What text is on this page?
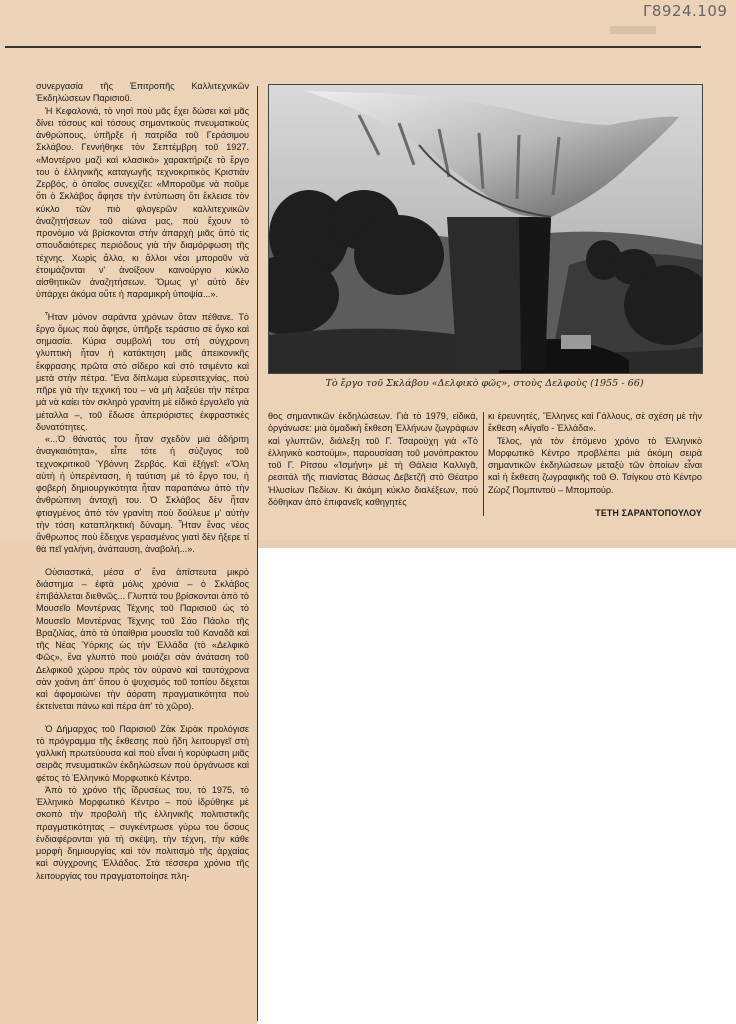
Γ8924.109

συνεργασία τῆς Ἐπιτροπῆς Καλλιτεχνικῶν Ἐκδηλώσεων Παρισιοῦ.

Ἡ Κεφαλονιά, τὸ νησὶ ποὺ μᾶς ἔχει δώσει καὶ μᾶς δίνει τόσους καὶ τόσους σημαντικοὺς πνευματικοὺς ἀνθρώπους, ὑπῆρξε ἡ πατρίδα τοῦ Γεράσιμου Σκλάβου. Γεννήθηκε τὸν Σεπτέμβρη τοῦ 1927. «Μοντέρνο μαζὶ καὶ κλασικό» χαρακτήριζε τὸ ἔργο του ὁ ἑλληνικῆς καταγωγῆς τεχνοκριτικὸς Κριστιὰν Ζερβός, ὁ ὁποῖος συνεχίζει: «Μποροῦμε νὰ ποῦμε ὅτι ὁ Σκλάβος ἄφησε τὴν ἐντύπωση ὅτι ἔκλεισε τὸν κύκλο τῶν πιὸ φλογερῶν καλλιτεχνικῶν ἀναζητήσεων τοῦ αἰώνα μας, ποὺ ἔχουν τὸ προνόμιο νὰ βρίσκονται στὴν ἀπαρχὴ μιᾶς ἀπὸ τὶς σπουδαιότερες περιόδους γιὰ τὴν διαμόρφωση τῆς τέχνης. Χωρὶς ἄλλο, κι ἄλλοι νέοι μποροῦν νὰ ἑτοιμάζονται ν' ἀνοίξουν καινούργιο κύκλο αἰσθητικῶν ἀναζητήσεων. Ὅμως γι' αὐτὸ δὲν ὑπάρχει ἀκόμα οὔτε ἡ παραμικρὴ ὑποψία...».

Ἦταν μόνον σαράντα χρόνων ὅταν πέθανε. Τὸ ἔργο ὅμως ποὺ ἄφησε, ὑπῆρξε τεράστιο σὲ ὄγκο καὶ σημασία. Κύρια συμβολή του στὴ σύγχρονη γλυπτικὴ ἦταν ἡ κατάκτηση μιᾶς ἀπεικονικῆς ἔκφρασης πρῶτα στὸ σίδερο καὶ στὸ τσιμέντο καὶ μετὰ στὴν πέτρα. Ἕνα δίπλωμα εὑρεσιτεχνίας, ποὺ πῆρε γιὰ τὴν τεχνική του – νὰ μὴ λαξεύει τὴν πέτρα μὰ νὰ καίει τὸν σκληρὸ γρανίτη μὲ εἰδικὸ ἐργαλεῖο γιὰ μέταλλα –, τοῦ ἔδωσε ἀπεριόριστες ἐκφραστικὲς δυνατότητες.

«...Ὁ θάνατός του ἦταν σχεδὸν μιὰ ἀδήριτη ἀναγκαιότητα», εἶπε τότε ἡ σύζυγος τοῦ τεχνοκριτικοῦ Ὑβόννη Ζερβός. Καὶ ἐξήγεῖ: «Ὅλη αὐτὴ ἡ ὑπερένταση, ἡ ταύτιση μὲ τὸ ἔργο του, ἡ φοβερὴ δημιουργικότητα ἦταν παραπάνω ἀπὸ τὴν ἀνθρώπινη ἀντοχή του. Ὁ Σκλάβος δὲν ἦταν φτιαγμένος ἀπὸ τὸν γρανίτη ποὺ δούλευε μ' αὐτὴν τὴν τόση καταπληκτικὴ δύναμη. Ἦταν ἕνας νέος ἄνθρωπος ποὺ ἔδειχνε γερασμένος γιατὶ δὲν ἤξερε τί θὰ πεῖ γαλήνη, ἀνάπαυση, ἀναβολή...».

Οὐσιαστικά, μέσα σ' ἕνα ἀπίστευτα μικρὸ διάστημα – ἑφτὰ μόλις χρόνια – ὁ Σκλάβος ἐπιβάλλεται διεθνῶς... Γλυπτὰ του βρίσκονται ἀπὸ τὸ Μουσεῖο Μοντέρνας Τέχνης τοῦ Παρισιοῦ ὡς τὸ Μουσεῖο Μοντέρνας Τέχνης τοῦ Σάο Πάολο τῆς Βραζιλίας, ἀπὸ τὰ ὑπαίθρια μουσεῖα τοῦ Καναδᾶ καὶ τῆς Νέας Ὑόρκης ὡς τὴν Ἑλλάδα (τὸ «Δελφικὸ Φῶς», ἕνα γλυπτὸ ποὺ μοιάζει σὰν ἀνάταση τοῦ Δελφικοῦ χώρου πρὸς τὸν οὐρανὸ καὶ ταυτόχρονα σὰν χοάνη ἀπ' ὅπου ὁ ψυχισμὸς τοῦ τοπίου δέχεται καὶ ἀφομοιώνει τὴν ἀόρατη πραγματικότητα ποὺ ἐκτείνεται πάνω καὶ πέρα ἀπ' τὸ χῶρο).

Ὁ Δήμαρχος τοῦ Παρισιοῦ Ζὰκ Σιρὰκ προλόγισε τὸ πρόγραμμα τῆς ἔκθεσης ποὺ ἤδη λειτουργεῖ στὴ γαλλικὴ πρωτεύουσα καὶ ποὺ εἶναι ἡ κορύφωση μιᾶς σειρᾶς πνευματικῶν ἐκδηλώσεων ποὺ ὀργάνωσε καὶ φέτος τὸ Ἑλληνικὸ Μορφωτικὸ Κέντρο.

Ἀπὸ τὸ χρόνο τῆς ἵδρυσέως του, τὸ 1975, τὸ Ἑλληνικὸ Μορφωτικὸ Κέντρο – ποὺ ἱδρύθηκε μὲ σκοπὸ τὴν προβολὴ τῆς ἑλληνικῆς πολιτιστικῆς πραγματικότητας – συγκέντρωσε γύρω του ὅσους ἐνδιαφέρονται γιὰ τὴ σκέψη, τὴν τέχνη, τὴν κάθε μορφὴ δημιουργίας καὶ τὸν πολιτισμὸ τῆς ἀρχαίας καὶ σύγχρονης Ἑλλάδος. Στὰ τέσσερα χρόνια τῆς λειτουργίας του πραγματοποίησε πλη-

Τὸ ἔργο τοῦ Σκλάβου «Δελφικὸ φῶς», στοὺς Δελφοὺς (1955 - 66)

θος σημαντικῶν ἐκδηλώσεων. Γιὰ τὸ 1979, εἰδικά, ὀργάνωσε: μιὰ ὁμαδικὴ ἔκθεση Ἑλλήνων ζωγράφων καὶ γλυπτῶν, διάλεξη τοῦ Γ. Τσαρούχη γιὰ «Τὸ ἑλληνικὸ κοστούμι», παρουσίαση τοῦ μονόπρακτου τοῦ Γ. Ρίτσου «Ἰσμήνη» μὲ τὴ Θάλεια Καλλιγᾶ, ρεσιτάλ τῆς πιανίστας Βάσως Δεβετζῆ στὸ Θέατρο Ἡλυσίων Πεδίων. Κι ἀκόμη κύκλο διαλέξεων, ποὺ δόθηκαν ἀπὸ ἐπιφανεῖς καθηγητὲς

κι ἐρευνητές, Ἕλληνες καὶ Γάλλους, σὲ σχέση μὲ τὴν ἔκθεση «Αἰγαῖο - Ἑλλάδα».

Τέλος, γιὰ τὸν ἑπόμενο χρόνο τὸ Ἑλληνικὸ Μορφωτικὸ Κέντρο προβλέπει μιὰ ἀκόμη σειρὰ σημαντικῶν ἐκδηλώσεων μεταξὺ τῶν ὁποίων εἶναι καὶ ἡ ἔκθεση ζωγραφικῆς τοῦ Θ. Τσίγκου στὸ Κέντρο Ζὼρζ Πομπιντοὺ – Μπομπούρ.

ΤΕΤΗ ΣΑΡΑΝΤΟΠΟΥΛΟΥ
